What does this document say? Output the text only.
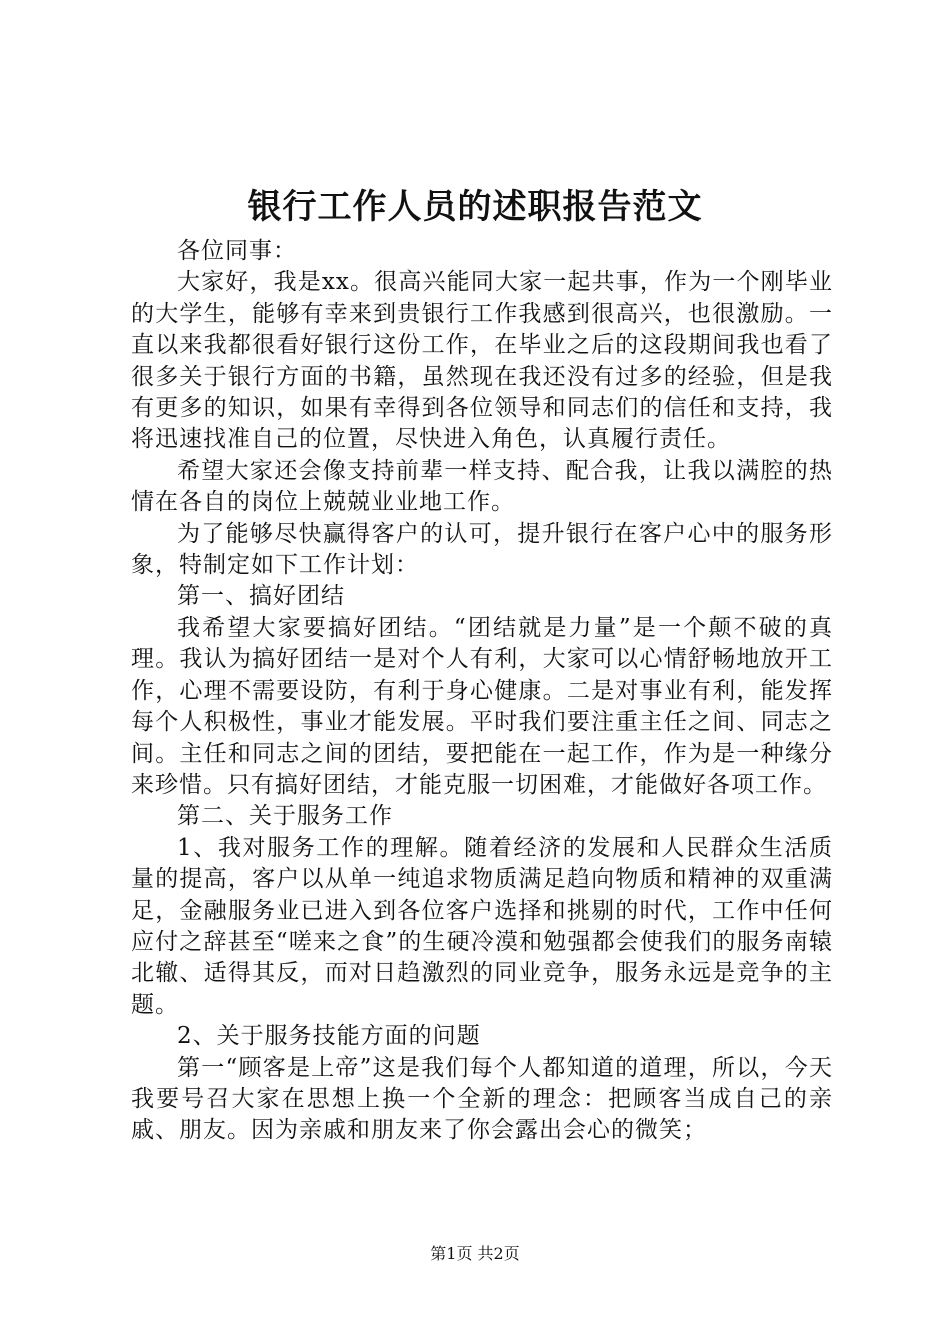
银行工作人员的述职报告范文

各位同事：

大家好，我是xx。很高兴能同大家一起共事，作为一个刚毕业的大学生，能够有幸来到贵银行工作我感到很高兴，也很激励。一直以来我都很看好银行这份工作，在毕业之后的这段期间我也看了很多关于银行方面的书籍，虽然现在我还没有过多的经验，但是我有更多的知识，如果有幸得到各位领导和同志们的信任和支持，我将迅速找准自己的位置，尽快进入角色，认真履行责任。

希望大家还会像支持前辈一样支持、配合我，让我以满腔的热情在各自的岗位上兢兢业业地工作。

为了能够尽快赢得客户的认可，提升银行在客户心中的服务形象，特制定如下工作计划：

第一、搞好团结

我希望大家要搞好团结。“团结就是力量”是一个颠不破的真理。我认为搞好团结一是对个人有利，大家可以心情舒畅地放开工作，心理不需要设防，有利于身心健康。二是对事业有利，能发挥每个人积极性，事业才能发展。平时我们要注重主任之间、同志之间。主任和同志之间的团结，要把能在一起工作，作为是一种缘分来珍惜。只有搞好团结，才能克服一切困难，才能做好各项工作。

第二、关于服务工作

1、我对服务工作的理解。随着经济的发展和人民群众生活质量的提高，客户以从单一纯追求物质满足趋向物质和精神的双重满足，金融服务业已进入到各位客户选择和挑剔的时代，工作中任何应付之辞甚至“嗟来之食”的生硬冷漠和勉强都会使我们的服务南辕北辙、适得其反，而对日趋激烈的同业竞争，服务永远是竞争的主题。

2、关于服务技能方面的问题

第一“顾客是上帝”这是我们每个人都知道的道理，所以，今天我要号召大家在思想上换一个全新的理念：把顾客当成自己的亲戚、朋友。因为亲戚和朋友来了你会露出会心的微笑；

第1页 共2页
